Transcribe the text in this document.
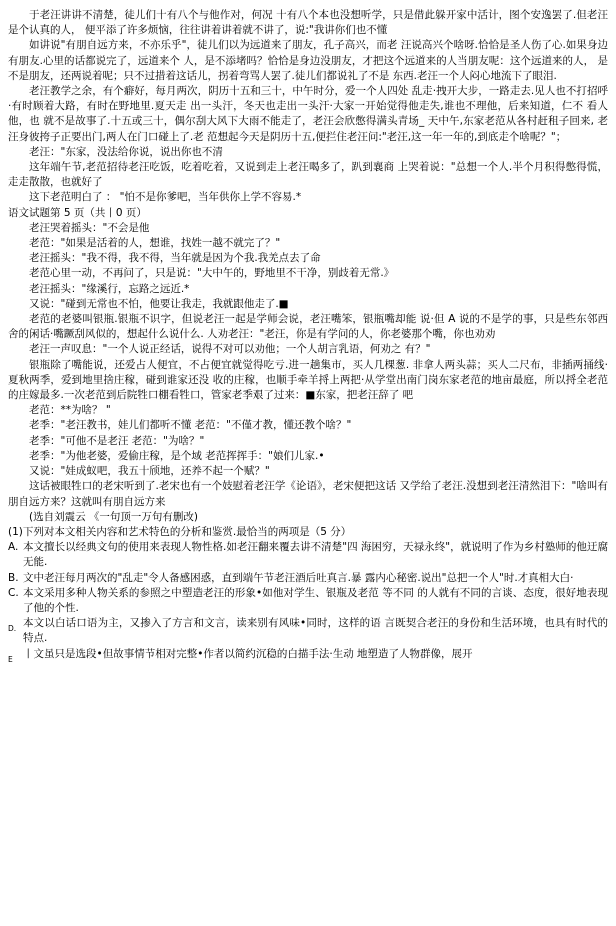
于老汪讲讲不清楚，徒儿们十有八个与他作对，何况 十有八个本也没想听学，只是借此躲开家中活计，图个安逸罢了.但老汪是个认真的人， 便平添了许多烦恼，往往讲着讲着就不讲了，说:"我讲你们也不懂

如讲说"有朋自远方来，不亦乐乎"，徒儿们以为远道来了朋友，孔子高兴，而老 汪说高兴个啥呀.恰恰是圣人伤了心.如果身边有朋友.心里的话都说完了，远道来个 人，是不添堵吗？恰恰是身边没朋友，才把这个远道来的人当朋友呢：这个远道来的人， 是不是朋友，还两说着呢；只不过措着这话儿，拐着弯骂人罢了.徒儿们都说礼了不是 东西.老汪一个人闷心地流下了眼泪.

老汪教学之余，有个癖好，每月两次，阴历十五和三十，中午时分，爱一个人四处 乱走·拽开大步，一路走去.见人也不打招呼·有时顾着大路，有时在野地里.夏天走 出一头汗，冬天也走出一头汗·大家一开始觉得他走失,谁也不理他，后来知道，仁不 看人他，也 就不是故事了.十五或三十，偶尔刮大风下大雨不能走了，老汪会欣憋得满头青场_ 天中午,东家老范从各村赶租子回来, 老汪身彼挎子正要出门,两人在门口碰上了.老 范想起今天是阴历十五,便拦住老汪问:"老汪,这一年一年的,到底走个啥呢？"；

老汪："东家，没法给你说，说出你也不清

这年端午节,老范招待老汪吃饭，吃着吃着，又说到走上老汪喝多了，趴到襄商 上哭着说："总想一个人.半个月积得憋得慌，走走散散，也就好了

这下老范明白了 ： "怕不是你爹吧，当年供你上学不容易.*

语文试题第 5 页（共丨0 页）

老汪哭着摇头："不会是他

老范："如果是活着的人，想谁，找姓一越不就完了？"

老汪摇头："我不得，我不得，当年就是因为个我.我羌点去了命

老范心里一动，不再问了，只是说："大中午的，野地里不干净，别歧着无常.》

老汪摇头："缘溪行，忘路之远近.*

又说："碰到无常也不怕，他要让我走，我就跟他走了.■

老范的老婆叫银瓶.银瓶不识字，但说老汪一起是学师会说，老汪嘴笨，银瓶嘴却能 说·但 A 说的不是学的事，只是些东邻西舍的闲话·嘴蹶刮风似的，想起什么说什么. 人劝老汪："老汪，你是有学问的人，你老婆那个嘴，你也劝劝

老汪一声叹息："一个人说正经话，说得不对可以劝他；一个人胡言乳语，何劝之 有？"

银瓶除了嘴能说，还爱占人便宜，不占便宜就觉得吃亏.进一趟集市，买人几棵葱. 非拿人两头蒜；买人二尺布，非插两捅线·夏秋两季，爱到地里捨庄稼，碰到谁家还没 收的庄稼，也顺手牵羊捋上两把·从学堂出南门岗东家老范的地亩最庭，所以捋全老范 的庄嫁最多.一次老范到后院牲口棚看牲口，管家老季艰了过来：■东家，把老汪辞了 吧

老范：**为啥？ "

老季："老汪教书，娃儿们都听不懂 老范："不僅才教，懂还教个啥？"

老季："可他不是老汪 老范："为啥？"

老季："为他老婆，爱偷庄稼，是个域 老范挥挥手："娘们儿家.•

又说："娃成蚁吧，我五十颀地，还养不起一个赋？"

这话被眼牲口的老宋听到了.老宋也有一个妓慰着老汪学《论语》，老宋便把这话 又学给了老汪.没想到老汪清然泪下："啥叫有朋自远方来？这就叫有朋自远方来

(选自刘震云 《一句顶一万句有删改)

(1)下列对本文相关内容和艺术特色的分析和鉴赏.最恰当的两项是（5 分）

A. 本文擅长以经典文句的使用来表现人物性格.如老汪翻来覆去讲不清楚"四 海困穷，天禄永终"，就说明了作为乡村塾师的他迂腐无能.
B. 文中老汪每月两次的"乱走"令人备感困惑，直到端午节老汪酒后吐真言.暴 露内心秘密.说出"总把一个人"时.才真相大白·
C. 本文采用多种人物关系的参照之中塑造老汪的形象•如他对学生、银瓶及老范 等不同 的人就有不同的言谈、态度，很好地表现了他的个性.
D. 本文以白话口语为主，又掺入了方言和文言，读来别有风味•同时，这样的语 言既契合老汪的身份和生活环境，也具有时代的特点.
E 丨文虽只是选段•但故事情节相对完整•作者以简约沉稳的白描手法·生动 地塑造了人物群像，展开
